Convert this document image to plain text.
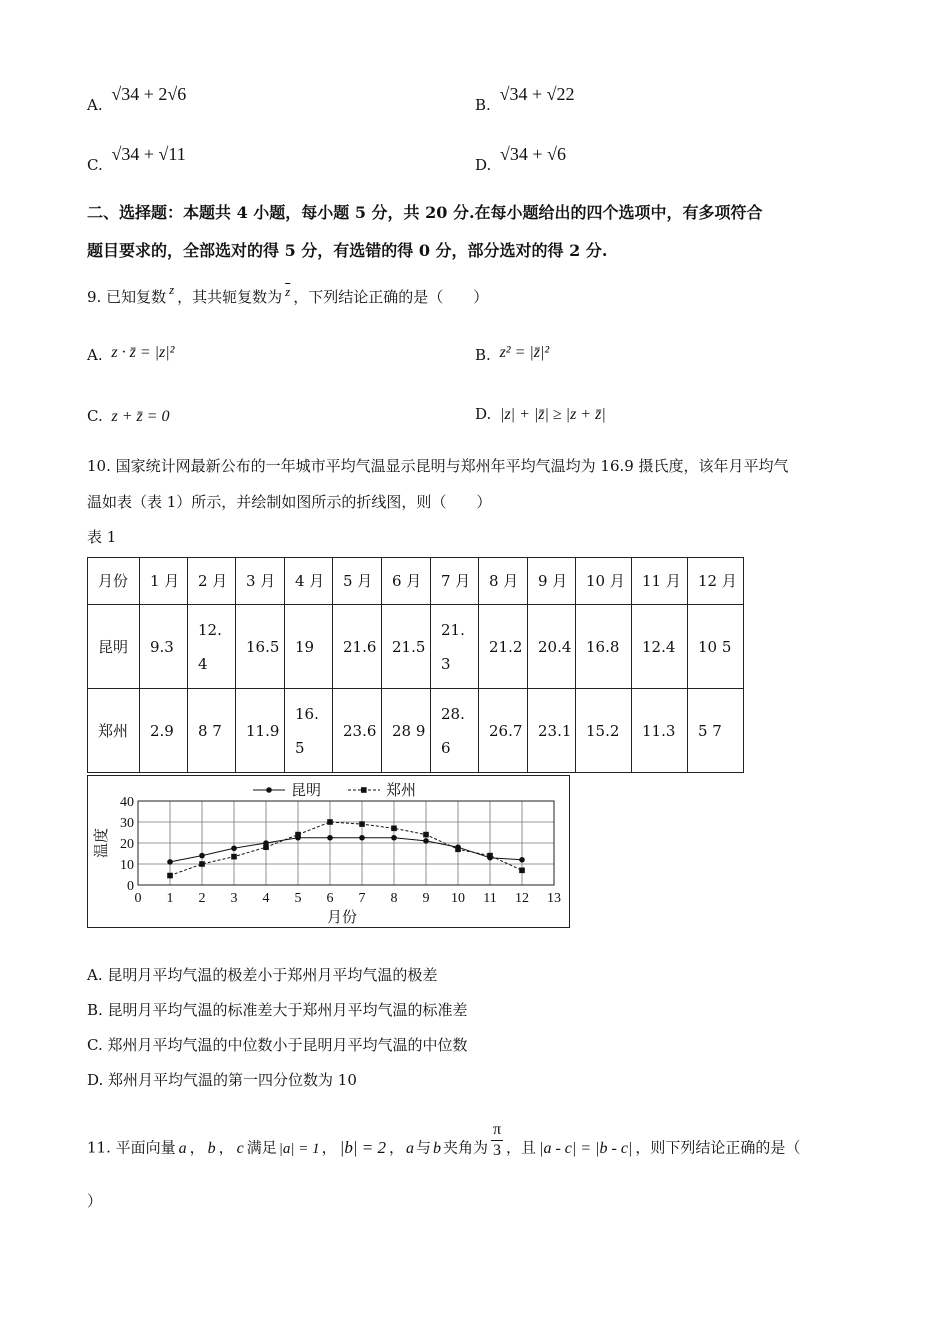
A. √34 + 2√6
B. √34 + √22
C. √34 + √11
D. √34 + √6
二、选择题：本题共 4 小题，每小题 5 分，共 20 分.在每小题给出的四个选项中，有多项符合
题目要求的，全部选对的得 5 分，有选错的得 0 分，部分选对的得 2 分.
9. 已知复数 z ，其共轭复数为 $\overline{z}$ ，下列结论正确的是（　　）
A. z · z̄ = |z|²	B. z² = |z̄|²
C. z + z̄ = 0	D. |z| + |z̄| ≥ |z + z̄|
10. 国家统计网最新公布的一年城市平均气温显示昆明与郑州年平均气温均为 16.9 摄氏度，该年月平均气
温如表（表 1）所示，并绘制如图所示的折线图，则（　　）
表 1
月份	1 月	2 月	3 月	4 月	5 月	6 月	7 月	8 月	9 月	10 月	11 月	12 月
昆明	9.3	12.4	16.5	19	21.6	21.5	21.3	21.2	20.4	16.8	12.4	10 5
郑州	2.9	8 7	11.9	16.5	23.6	28 9	28.6	26.7	23.1	15.2	11.3	5 7
0 1 2 3 4 5 6 7 8 9 10 11 12 13
0
10
20
30
40
月份
温度
昆明	郑州
A. 昆明月平均气温的极差小于郑州月平均气温的极差
B. 昆明月平均气温的标准差大于郑州月平均气温的标准差
C. 郑州月平均气温的中位数小于昆明月平均气温的中位数
D. 郑州月平均气温的第一四分位数为 10
11. 平面向量 a ， b ， c 满足 |a| = 1 ， |b| = 2 ， a 与 b 夹角为 $\frac{\pi}{3}$ ，且 |a - c| = |b - c| ，则下列结论正确的是（
）
